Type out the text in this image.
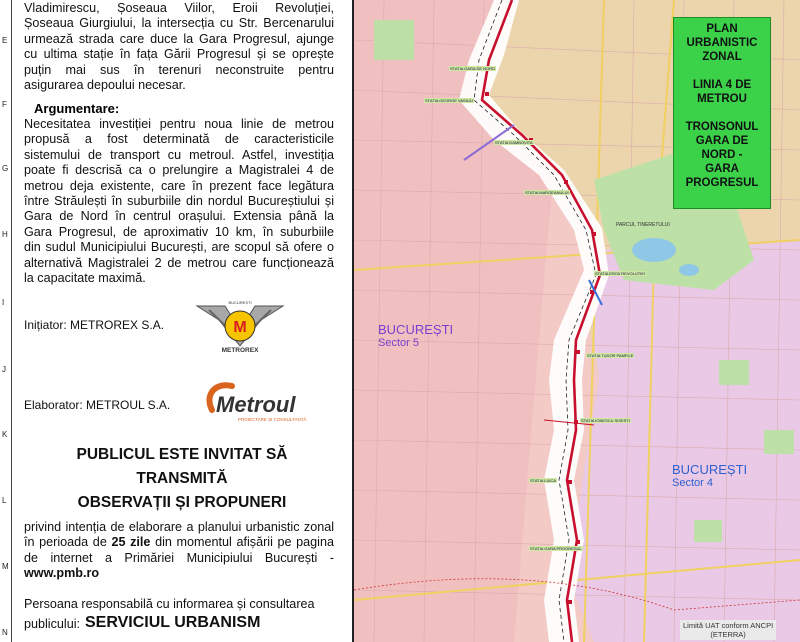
E
F
G
H
I
J
K
L
M
N
Vladimirescu, Șoseaua Viilor, Eroii Revoluției,
Șoseaua Giurgiului, la intersecția cu Str. Bercenarului
urmează strada care duce la Gara Progresul, ajunge
cu ultima stație în fața Gării Progresul și se oprește
puțin mai sus în terenuri neconstruite pentru
asigurarea depoului necesar.
Argumentare:
Necesitatea investiției pentru noua linie de metrou
propusă a fost determinată de caracteristicile
sistemului de transport cu metroul. Astfel, investiția
poate fi descrisă ca o prelungire a Magistralei 4 de
metrou deja existente, care în prezent face legătura
între Străulești în suburbiile din nordul Bucureștiului și
Gara de Nord în centrul orașului. Extensia până la
Gara Progresul, de aproximativ 10 km, în suburbiile
din sudul Municipiului București, are scopul să ofere o
alternativă Magistralei 2 de metrou care funcționează
la capacitate maximă.
Inițiator: METROREX S.A.	M
BUCUREȘTI
METROREX
Elaborator: METROUL S.A. Metroul
PROIECTARE ȘI CONSULTANȚĂ
PUBLICUL ESTE INVITAT SĂ
TRANSMITĂ
OBSERVAȚII ȘI PROPUNERI
privind intenția de elaborare a planului urbanistic zonal
în perioada de 25 zile din momentul afișării pe pagina
de internet a Primăriei Municipiului București -
www.pmb.ro
Persoana responsabilă cu informarea și consultarea
publicului: SERVICIUL URBANISM
STATIA GEORGE VASILIU
STATIA DAMBOVITA
STATIA MARGEANULUI
STATIA EROII REVOLUTIEI
STATIA TUDOR PAMFILE
STATIA IONESCU SISESTI
STATIA LUICA
STATIA GARA PROGRESUL
STATIA GARA DE NORD
PARCUL TINERETULUI
BUCUREȘTI
Sector 5
BUCUREȘTI
Sector 4
PLAN
URBANISTIC
ZONAL

LINIA 4 DE
METROU

TRONSONUL
GARA DE
NORD -
GARA
PROGRESUL
Limită UAT conform ANCPI
(ETERRA)
